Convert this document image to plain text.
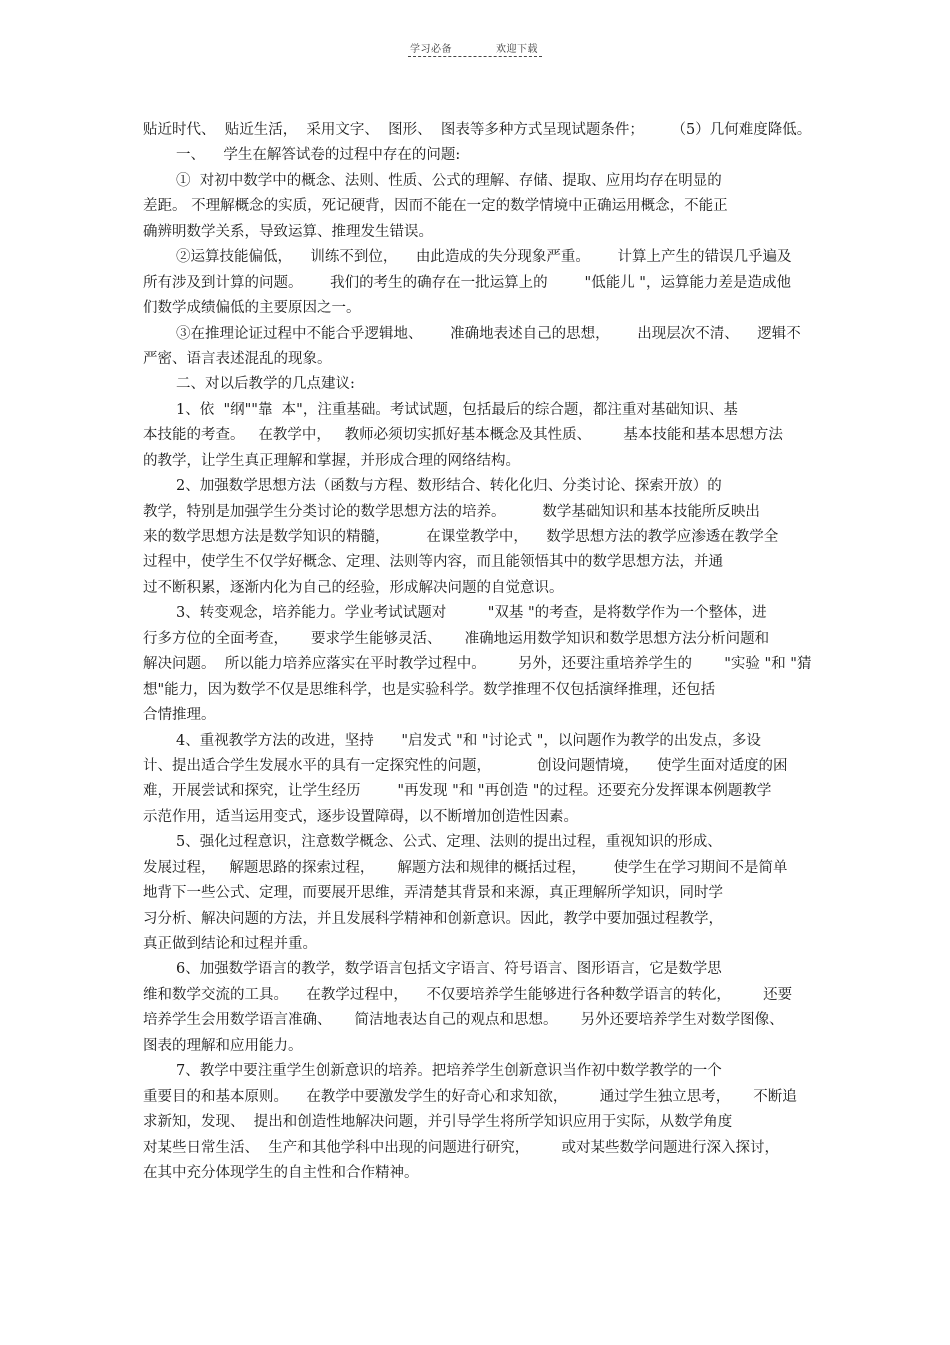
学习必备	欢迎下载
贴近时代、  贴近生活，  采用文字、  图形、  图表等多种方式呈现试题条件；      （5）几何难度降低。
一、    学生在解答试卷的过程中存在的问题:
①  对初中数学中的概念、法则、性质、公式的理解、存储、提取、应用均存在明显的
差距。 不理解概念的实质，死记硬背，因而不能在一定的数学情境中正确运用概念，不能正
确辨明数学关系，导致运算、推理发生错误。
②运算技能偏低，    训练不到位，    由此造成的失分现象严重。      计算上产生的错误几乎遍及
所有涉及到计算的问题。      我们的考生的确存在一批运算上的        "低能儿 "，运算能力差是造成他
们数学成绩偏低的主要原因之一。
③在推理论证过程中不能合乎逻辑地、      准确地表述自己的思想，      出现层次不清、    逻辑不
严密、语言表述混乱的现象。
二、对以后教学的几点建议:
1、依  "纲""靠  本"，注重基础。考试试题，包括最后的综合题，都注重对基础知识、基
本技能的考查。   在教学中，   教师必须切实抓好基本概念及其性质、       基本技能和基本思想方法
的教学，让学生真正理解和掌握，并形成合理的网络结构。
2、加强数学思想方法（函数与方程、数形结合、转化化归、分类讨论、探索开放）的
教学，特别是加强学生分类讨论的数学思想方法的培养。        数学基础知识和基本技能所反映出
来的数学思想方法是数学知识的精髓，        在课堂教学中，    数学思想方法的教学应渗透在教学全
过程中，使学生不仅学好概念、定理、法则等内容，而且能领悟其中的数学思想方法，并通
过不断积累，逐渐内化为自己的经验，形成解决问题的自觉意识。
3、转变观念，培养能力。学业考试试题对         "双基 "的考查，是将数学作为一个整体，进
行多方位的全面考查，     要求学生能够灵活、     准确地运用数学知识和数学思想方法分析问题和
解决问题。  所以能力培养应落实在平时教学过程中。       另外，还要注重培养学生的       "实验 "和 "猜
想"能力，因为数学不仅是思维科学，也是实验科学。数学推理不仅包括演绎推理，还包括
合情推理。
4、重视教学方法的改进，坚持      "启发式 "和 "讨论式 "，以问题作为教学的出发点，多设
计、提出适合学生发展水平的具有一定探究性的问题，          创设问题情境，    使学生面对适度的困
难，开展尝试和探究，让学生经历        "再发现 "和 "再创造 "的过程。还要充分发挥课本例题教学
示范作用，适当运用变式，逐步设置障碍，以不断增加创造性因素。
5、强化过程意识，注意数学概念、公式、定理、法则的提出过程，重视知识的形成、
发展过程，   解题思路的探索过程，     解题方法和规律的概括过程，      使学生在学习期间不是简单
地背下一些公式、定理，而要展开思维，弄清楚其背景和来源，真正理解所学知识，同时学
习分析、解决问题的方法，并且发展科学精神和创新意识。因此，教学中要加强过程教学，
真正做到结论和过程并重。
6、加强数学语言的教学，数学语言包括文字语言、符号语言、图形语言，它是数学思
维和数学交流的工具。    在教学过程中，    不仅要培养学生能够进行各种数学语言的转化，       还要
培养学生会用数学语言准确、     简洁地表达自己的观点和思想。     另外还要培养学生对数学图像、
图表的理解和应用能力。
7、教学中要注重学生创新意识的培养。把培养学生创新意识当作初中数学教学的一个
重要目的和基本原则。    在教学中要激发学生的好奇心和求知欲，       通过学生独立思考，     不断追
求新知，发现、  提出和创造性地解决问题，并引导学生将所学知识应用于实际，从数学角度
对某些日常生活、  生产和其他学科中出现的问题进行研究，       或对某些数学问题进行深入探讨，
在其中充分体现学生的自主性和合作精神。
